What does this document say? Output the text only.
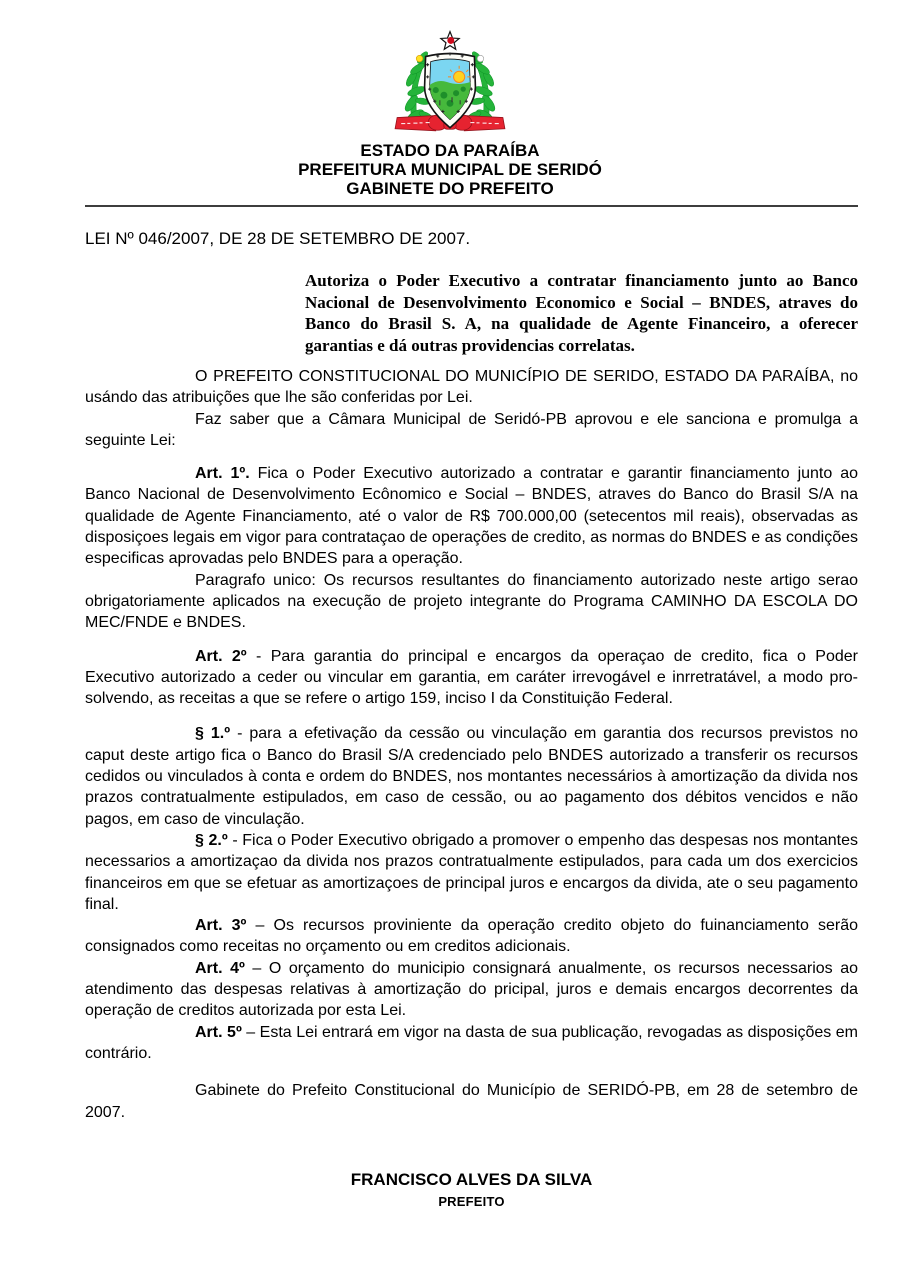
ESTADO DA PARAÍBA
PREFEITURA MUNICIPAL DE SERIDÓ
GABINETE DO PREFEITO

LEI Nº 046/2007, DE 28 DE SETEMBRO DE 2007.

Autoriza o Poder Executivo a contratar financiamento junto ao Banco Nacional de Desenvolvimento Economico e Social – BNDES, atraves do Banco do Brasil S. A, na qualidade de Agente Financeiro, a oferecer garantias e dá outras providencias correlatas.

O PREFEITO CONSTITUCIONAL DO MUNICÍPIO DE SERIDO, ESTADO DA PARAÍBA, no usándo das atribuições que lhe são conferidas por Lei.

Faz saber que a Câmara Municipal de Seridó-PB aprovou e ele sanciona e promulga a seguinte Lei:

Art. 1º. Fica o Poder Executivo autorizado a contratar e garantir financiamento junto ao Banco Nacional de Desenvolvimento Ecônomico e Social – BNDES, atraves do Banco do Brasil S/A na qualidade de Agente Financiamento, até o valor de R$ 700.000,00 (setecentos mil reais), observadas as disposiçoes legais em vigor para contrataçao de operações de credito, as normas do BNDES e as condições especificas aprovadas pelo BNDES para a operação.

Paragrafo unico: Os recursos resultantes do financiamento autorizado neste artigo serao obrigatoriamente aplicados na execução de projeto integrante do Programa CAMINHO DA ESCOLA DO MEC/FNDE e BNDES.

Art. 2º - Para garantia do principal e encargos da operaçao de credito, fica o Poder Executivo autorizado a ceder ou vincular em garantia, em caráter irrevogável e inrretratável, a modo pro-solvendo, as receitas a que se refere o artigo 159, inciso I da Constituição Federal.

§ 1.º - para a efetivação da cessão ou vinculação em garantia dos recursos previstos no caput deste artigo fica o Banco do Brasil S/A credenciado pelo BNDES autorizado a transferir os recursos cedidos ou vinculados à conta e ordem do BNDES, nos montantes necessários à amortização da divida nos prazos contratualmente estipulados, em caso de cessão, ou ao pagamento dos débitos vencidos e não pagos, em caso de vinculação.

§ 2.º - Fica o Poder Executivo obrigado a promover o empenho das despesas nos montantes necessarios a amortizaçao da divida nos prazos contratualmente estipulados, para cada um dos exercicios financeiros em que se efetuar as amortizaçoes de principal juros e encargos da divida, ate o seu pagamento final.

Art. 3º – Os recursos proviniente da operação credito objeto do fuinanciamento serão consignados como receitas no orçamento ou em creditos adicionais.

Art. 4º – O orçamento do municipio consignará anualmente, os recursos necessarios ao atendimento das despesas relativas à amortização do pricipal, juros e demais encargos decorrentes da operação de creditos autorizada por esta Lei.

Art. 5º – Esta Lei entrará em vigor na dasta de sua publicação, revogadas as disposições em contrário.

Gabinete do Prefeito Constitucional do Município de SERIDÓ-PB, em 28 de setembro de 2007.

FRANCISCO ALVES DA SILVA
PREFEITO
